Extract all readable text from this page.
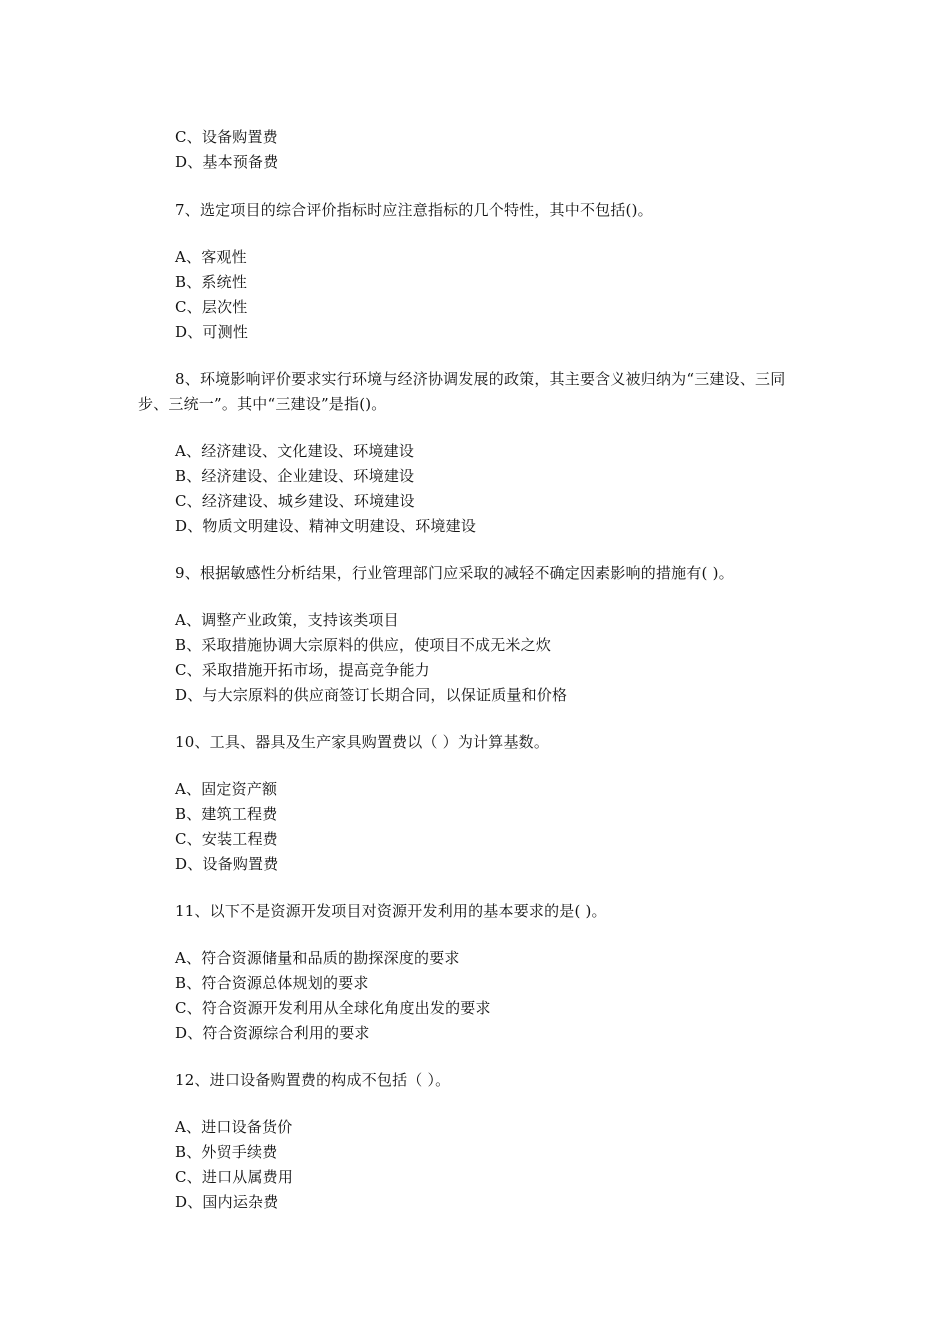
C、设备购置费
D、基本预备费
7、选定项目的综合评价指标时应注意指标的几个特性，其中不包括()。
A、客观性
B、系统性
C、层次性
D、可测性
8、环境影响评价要求实行环境与经济协调发展的政策，其主要含义被归纳为“三建设、三同
步、三统一”。其中“三建设”是指()。
A、经济建设、文化建设、环境建设
B、经济建设、企业建设、环境建设
C、经济建设、城乡建设、环境建设
D、物质文明建设、精神文明建设、环境建设
9、根据敏感性分析结果，行业管理部门应采取的减轻不确定因素影响的措施有( )。
A、调整产业政策，支持该类项目
B、采取措施协调大宗原料的供应，使项目不成无米之炊
C、采取措施开拓市场，提高竞争能力
D、与大宗原料的供应商签订长期合同，以保证质量和价格
10、工具、器具及生产家具购置费以（ ）为计算基数。
A、固定资产额
B、建筑工程费
C、安装工程费
D、设备购置费
11、以下不是资源开发项目对资源开发利用的基本要求的是( )。
A、符合资源储量和品质的勘探深度的要求
B、符合资源总体规划的要求
C、符合资源开发利用从全球化角度出发的要求
D、符合资源综合利用的要求
12、进口设备购置费的构成不包括（ ）。
A、进口设备货价
B、外贸手续费
C、进口从属费用
D、国内运杂费
